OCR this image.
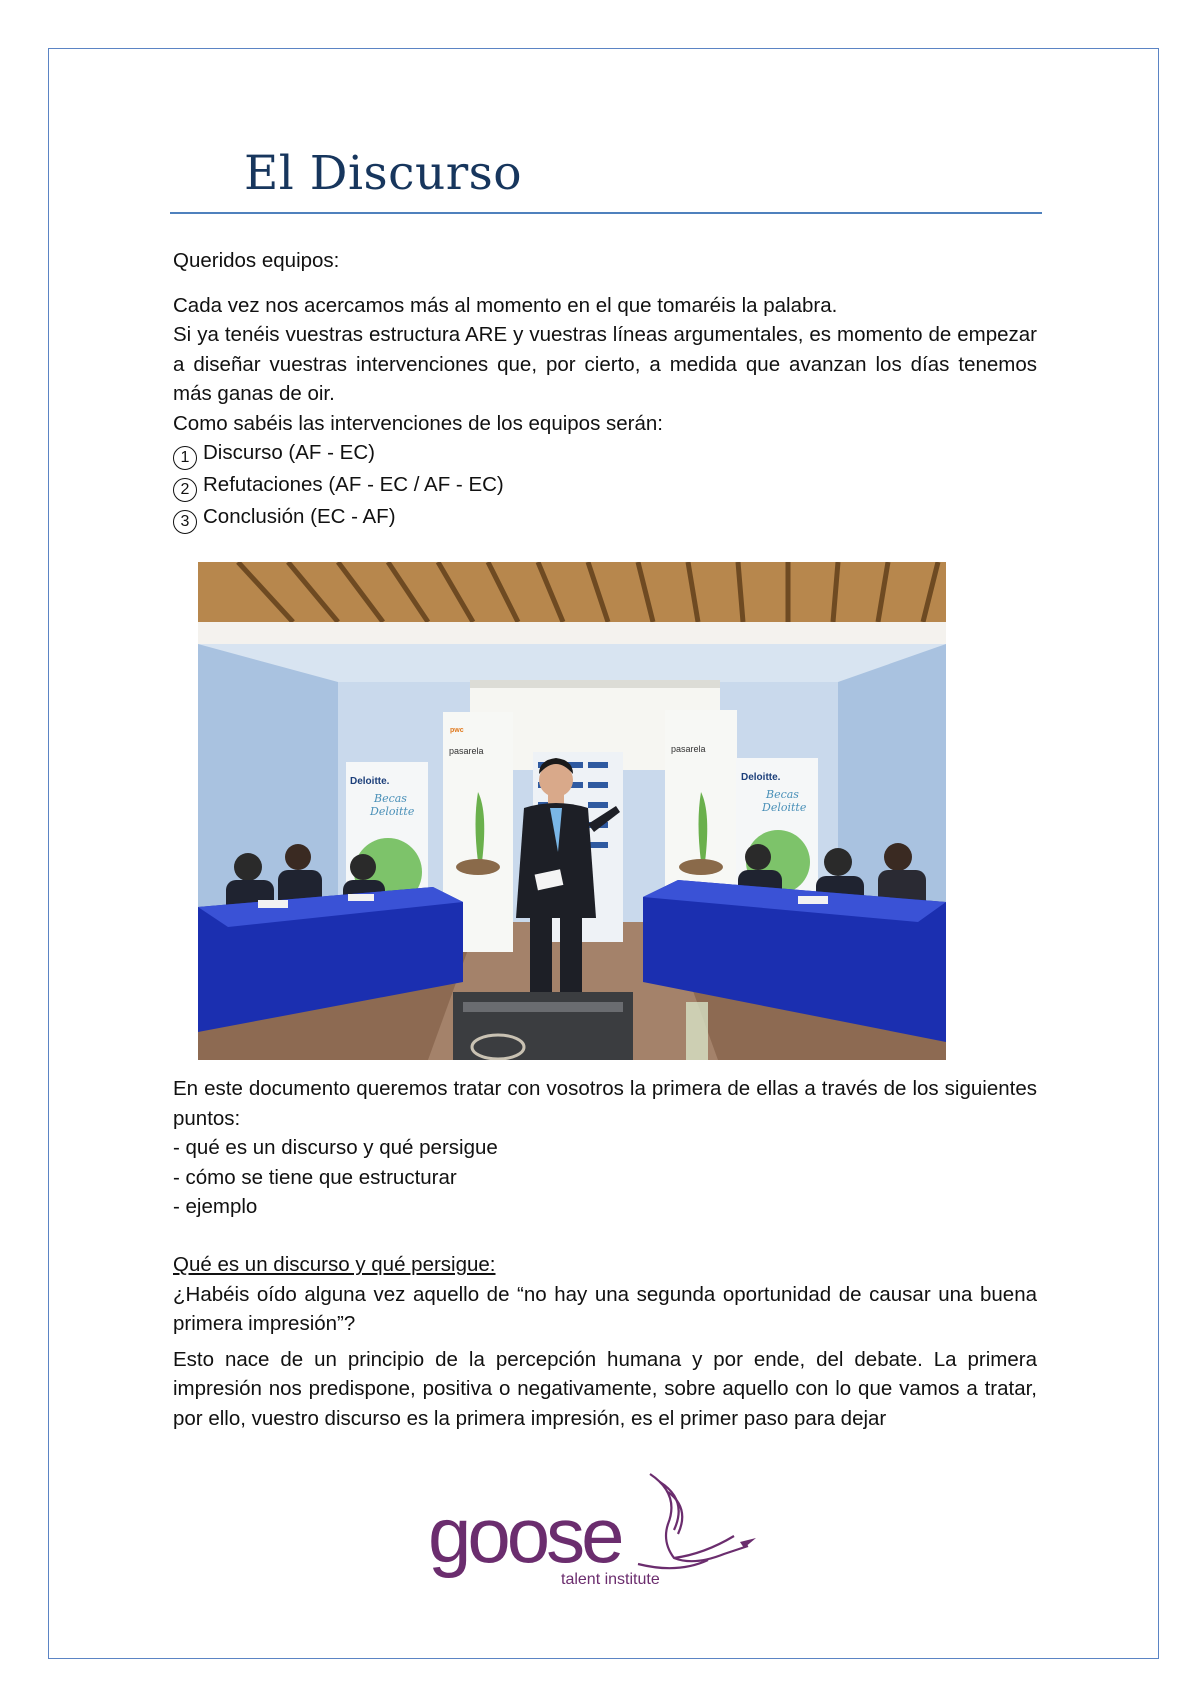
El Discurso

Queridos equipos:

Cada vez nos acercamos más al momento en el que tomaréis la palabra.

Si ya tenéis vuestras estructura ARE y vuestras líneas argumentales, es momento de empezar a diseñar vuestras intervenciones que, por cierto, a medida que avanzan los días tenemos más ganas de oir.

Como sabéis las intervenciones de los equipos serán:

1 Discurso (AF - EC)
2 Refutaciones (AF - EC / AF - EC)
3 Conclusión (EC - AF)
Deloitte.
Becas
Deloitte
pasarela
pwc
pasarela
Deloitte.
Becas
Deloitte

En este documento queremos tratar con vosotros la primera de ellas a través de los siguientes puntos:

- qué es un discurso y qué persigue

- cómo se tiene que estructurar

- ejemplo

Qué es un discurso y qué persigue:

¿Habéis oído alguna vez aquello de “no hay una segunda oportunidad de causar una buena primera impresión”?

Esto nace de un principio de la percepción humana y por ende, del debate. La primera impresión nos predispone, positiva o negativamente, sobre aquello con lo que vamos a tratar, por ello, vuestro discurso es la primera impresión, es el primer paso para dejar

goose
talent institute
